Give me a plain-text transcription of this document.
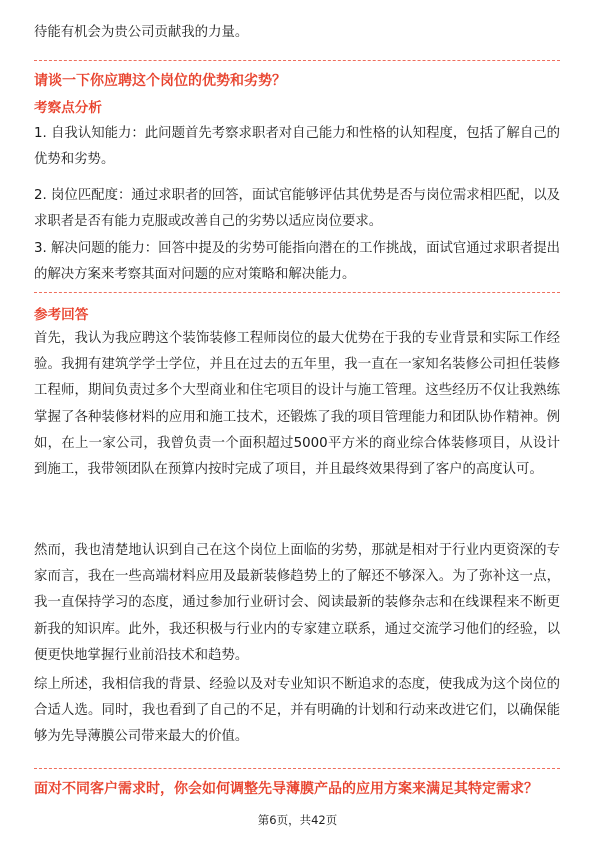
待能有机会为贵公司贡献我的力量。
请谈一下你应聘这个岗位的优势和劣势？
考察点分析

1. 自我认知能力：此问题首先考察求职者对自己能力和性格的认知程度，包括了解自己的优势和劣势。

2. 岗位匹配度：通过求职者的回答，面试官能够评估其优势是否与岗位需求相匹配，以及求职者是否有能力克服或改善自己的劣势以适应岗位要求。

3. 解决问题的能力：回答中提及的劣势可能指向潜在的工作挑战，面试官通过求职者提出的解决方案来考察其面对问题的应对策略和解决能力。

参考回答

首先，我认为我应聘这个装饰装修工程师岗位的最大优势在于我的专业背景和实际工作经验。我拥有建筑学学士学位，并且在过去的五年里，我一直在一家知名装修公司担任装修工程师，期间负责过多个大型商业和住宅项目的设计与施工管理。这些经历不仅让我熟练掌握了各种装修材料的应用和施工技术，还锻炼了我的项目管理能力和团队协作精神。例如，在上一家公司，我曾负责一个面积超过5000平方米的商业综合体装修项目，从设计到施工，我带领团队在预算内按时完成了项目，并且最终效果得到了客户的高度认可。

然而，我也清楚地认识到自己在这个岗位上面临的劣势，那就是相对于行业内更资深的专家而言，我在一些高端材料应用及最新装修趋势上的了解还不够深入。为了弥补这一点，我一直保持学习的态度，通过参加行业研讨会、阅读最新的装修杂志和在线课程来不断更新我的知识库。此外，我还积极与行业内的专家建立联系，通过交流学习他们的经验，以便更快地掌握行业前沿技术和趋势。

综上所述，我相信我的背景、经验以及对专业知识不断追求的态度，使我成为这个岗位的合适人选。同时，我也看到了自己的不足，并有明确的计划和行动来改进它们，以确保能够为先导薄膜公司带来最大的价值。

面对不同客户需求时，你会如何调整先导薄膜产品的应用方案来满足其特定需求？
第6页，共42页
